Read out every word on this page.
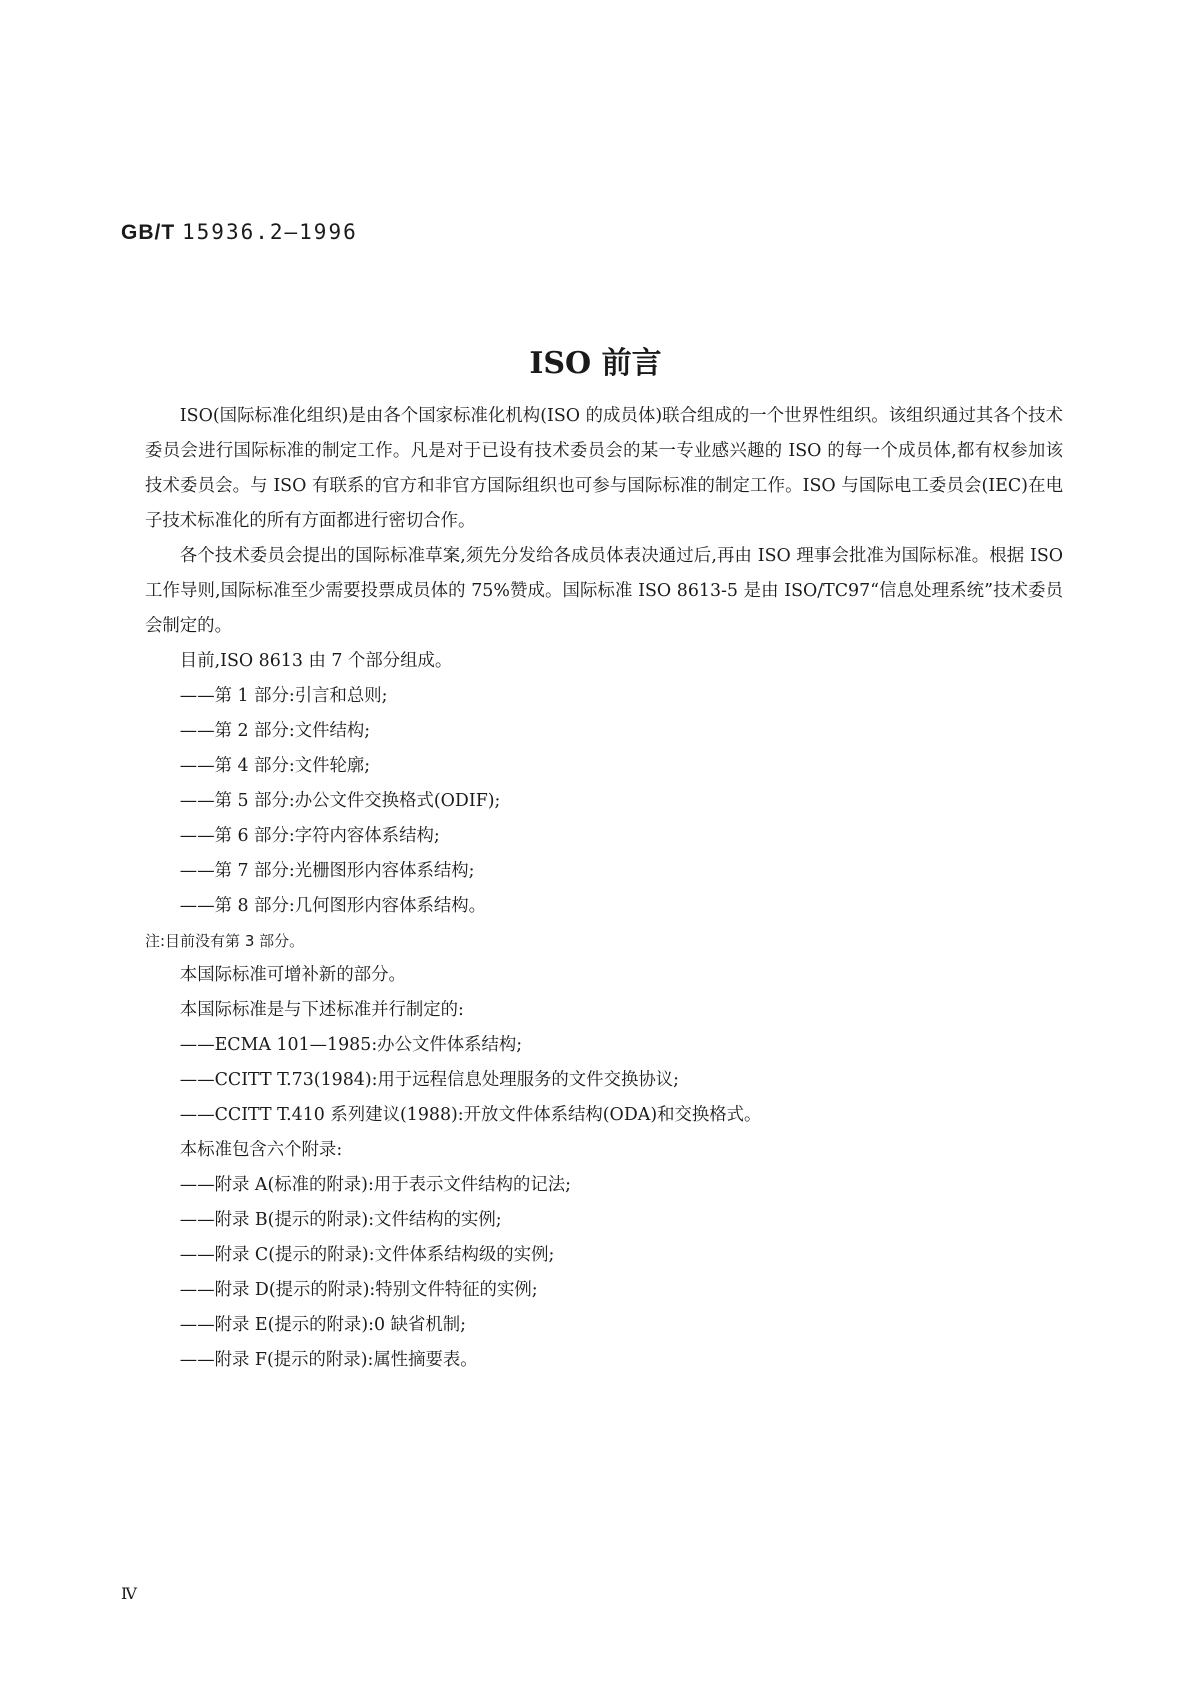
GB/T 15936.2—1996
ISO 前言

ISO(国际标准化组织)是由各个国家标准化机构(ISO 的成员体)联合组成的一个世界性组织。该组织通过其各个技术委员会进行国际标准的制定工作。凡是对于已设有技术委员会的某一专业感兴趣的 ISO 的每一个成员体,都有权参加该技术委员会。与 ISO 有联系的官方和非官方国际组织也可参与国际标准的制定工作。ISO 与国际电工委员会(IEC)在电子技术标准化的所有方面都进行密切合作。

各个技术委员会提出的国际标准草案,须先分发给各成员体表决通过后,再由 ISO 理事会批准为国际标准。根据 ISO 工作导则,国际标准至少需要投票成员体的 75%赞成。国际标准 ISO 8613-5 是由 ISO/TC97“信息处理系统”技术委员会制定的。

目前,ISO 8613 由 7 个部分组成。
——第 1 部分:引言和总则;
——第 2 部分:文件结构;
——第 4 部分:文件轮廓;
——第 5 部分:办公文件交换格式(ODIF);
——第 6 部分:字符内容体系结构;
——第 7 部分:光栅图形内容体系结构;
——第 8 部分:几何图形内容体系结构。
注:目前没有第 3 部分。
本国际标准可增补新的部分。
本国际标准是与下述标准并行制定的:
——ECMA 101—1985:办公文件体系结构;
——CCITT T.73(1984):用于远程信息处理服务的文件交换协议;
——CCITT T.410 系列建议(1988):开放文件体系结构(ODA)和交换格式。
本标准包含六个附录:
——附录 A(标准的附录):用于表示文件结构的记法;
——附录 B(提示的附录):文件结构的实例;
——附录 C(提示的附录):文件体系结构级的实例;
——附录 D(提示的附录):特别文件特征的实例;
——附录 E(提示的附录):0 缺省机制;
——附录 F(提示的附录):属性摘要表。
Ⅳ
